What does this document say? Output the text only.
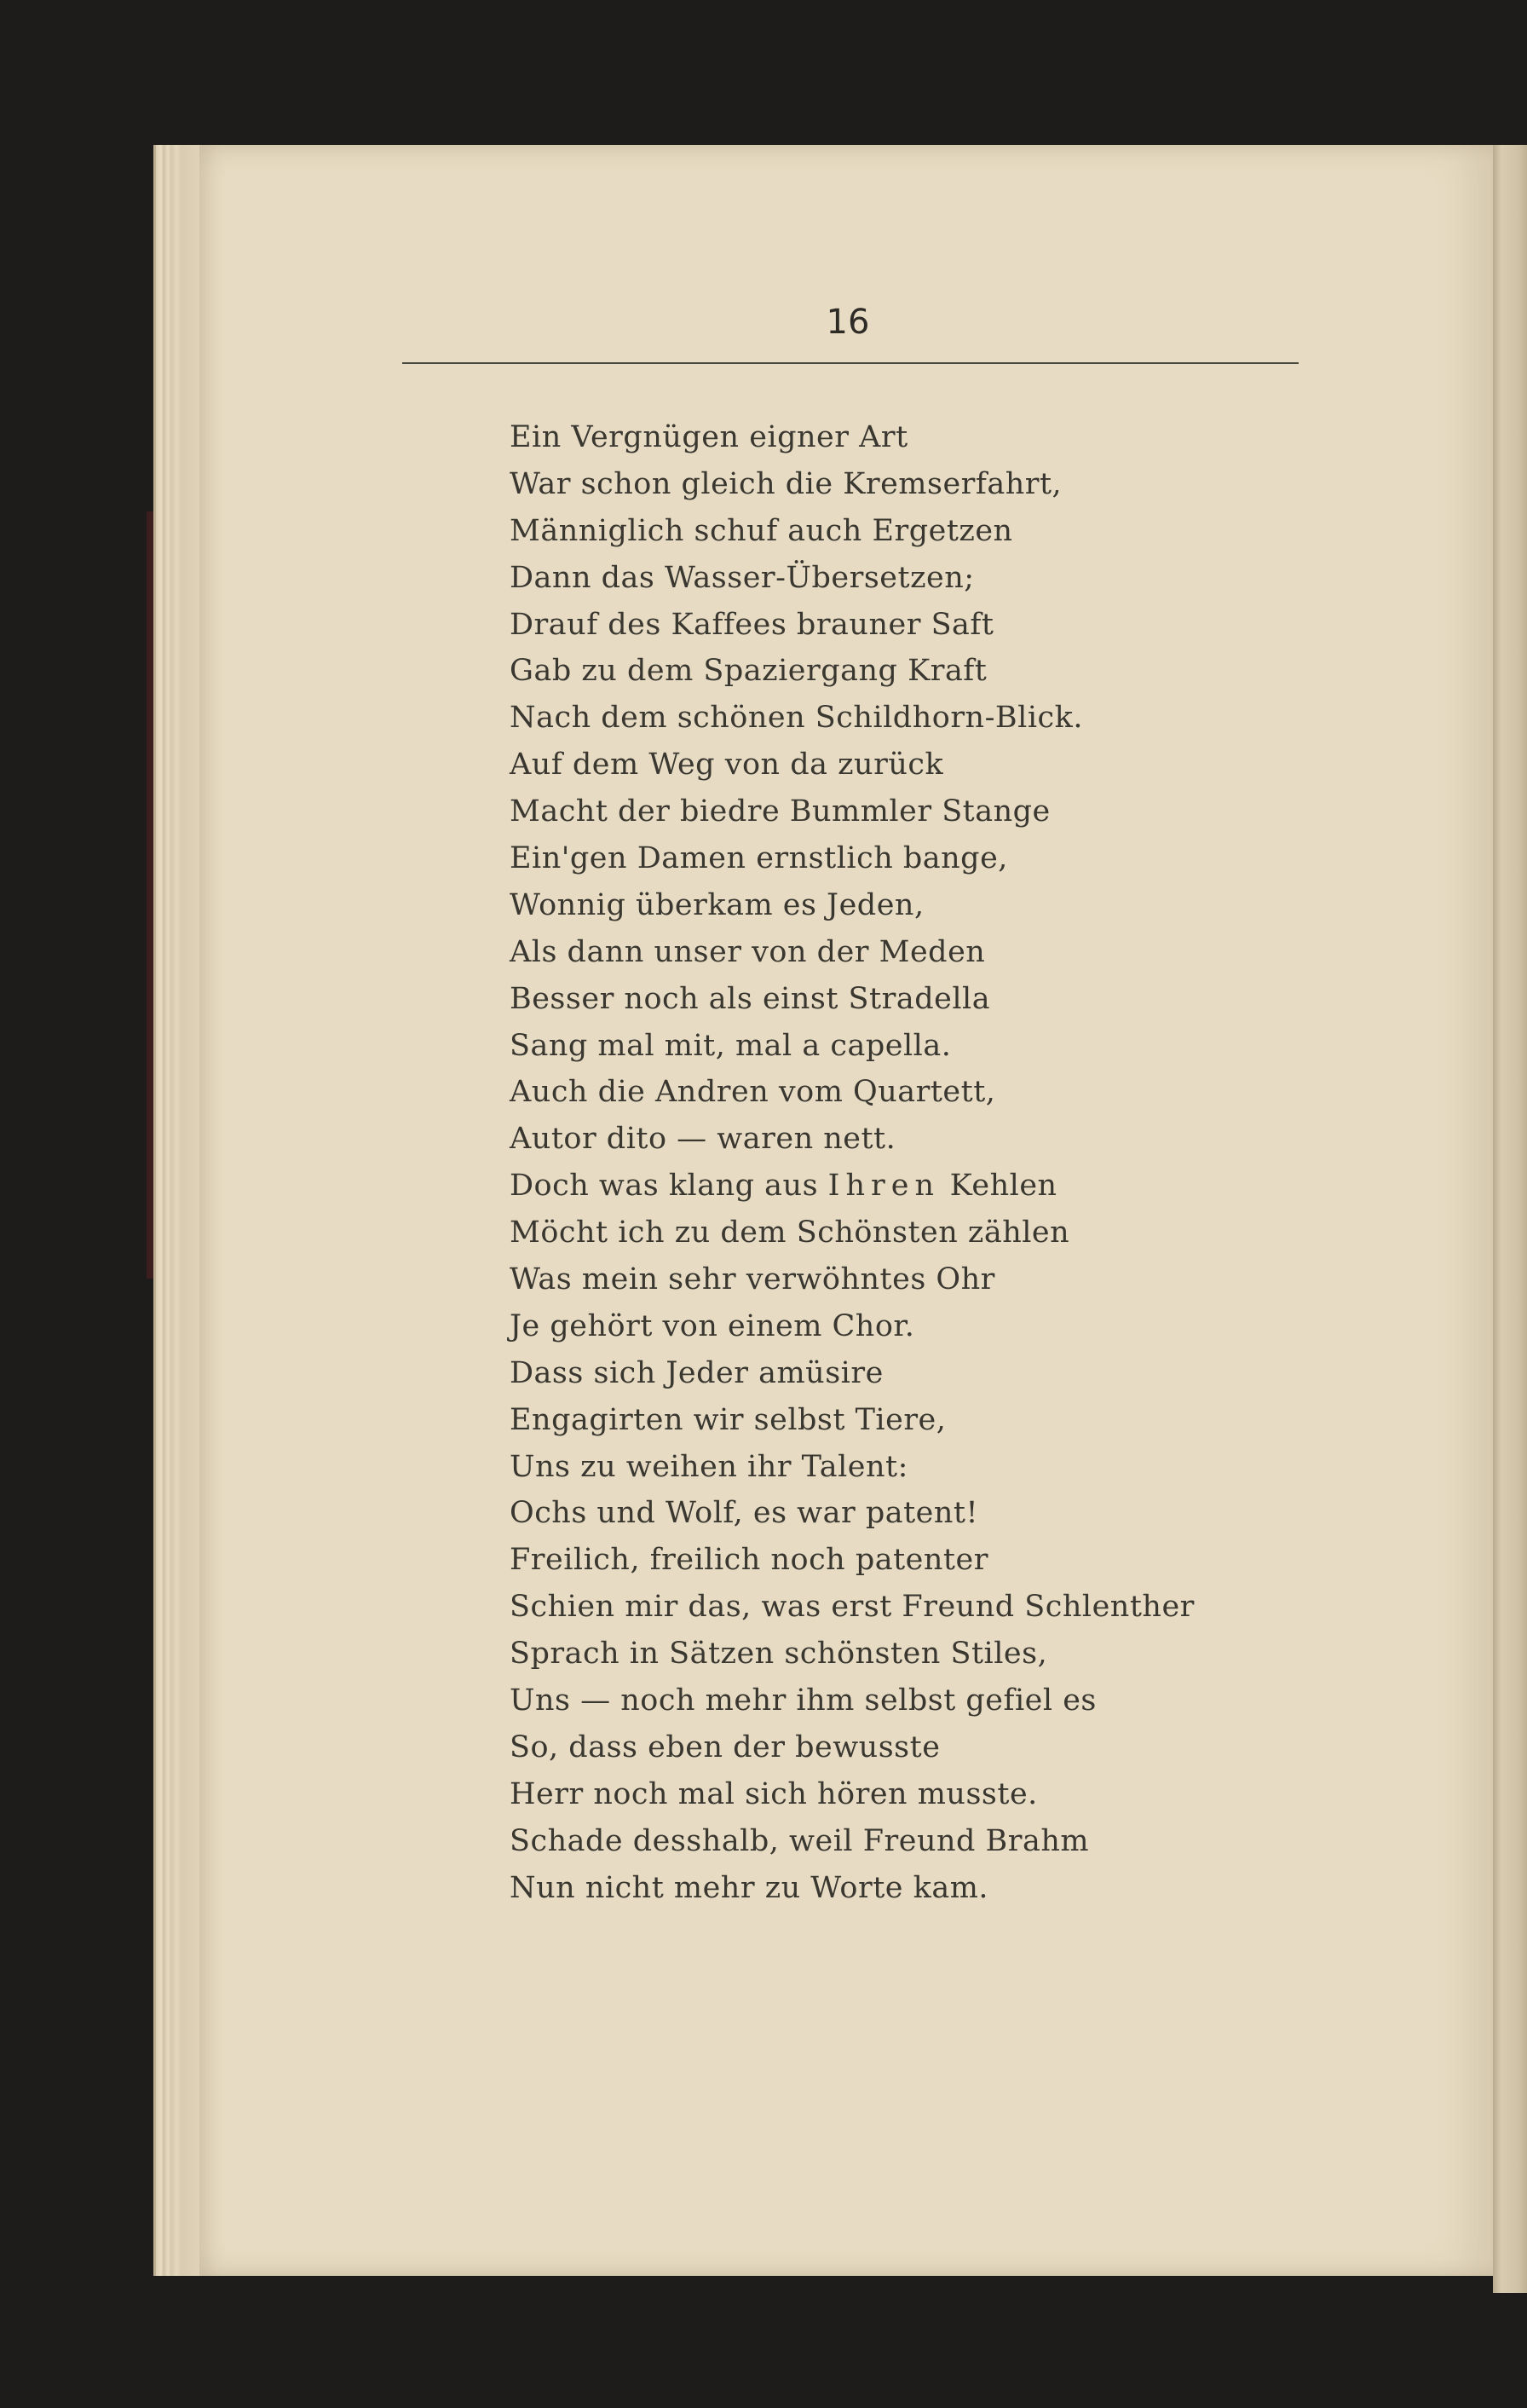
16
Ein Vergnügen eigner Art
War schon gleich die Kremserfahrt,
Männiglich schuf auch Ergetzen
Dann das Wasser-Übersetzen;
Drauf des Kaffees brauner Saft
Gab zu dem Spaziergang Kraft
Nach dem schönen Schildhorn-Blick.
Auf dem Weg von da zurück
Macht der biedre Bummler Stange
Ein'gen Damen ernstlich bange,
Wonnig überkam es Jeden,
Als dann unser von der Meden
Besser noch als einst Stradella
Sang mal mit, mal a capella.
Auch die Andren vom Quartett,
Autor dito — waren nett.
Doch was klang aus Ihren Kehlen
Möcht ich zu dem Schönsten zählen
Was mein sehr verwöhntes Ohr
Je gehört von einem Chor.
Dass sich Jeder amüsire
Engagirten wir selbst Tiere,
Uns zu weihen ihr Talent:
Ochs und Wolf, es war patent!
Freilich, freilich noch patenter
Schien mir das, was erst Freund Schlenther
Sprach in Sätzen schönsten Stiles,
Uns — noch mehr ihm selbst gefiel es
So, dass eben der bewusste
Herr noch mal sich hören musste.
Schade desshalb, weil Freund Brahm
Nun nicht mehr zu Worte kam.
